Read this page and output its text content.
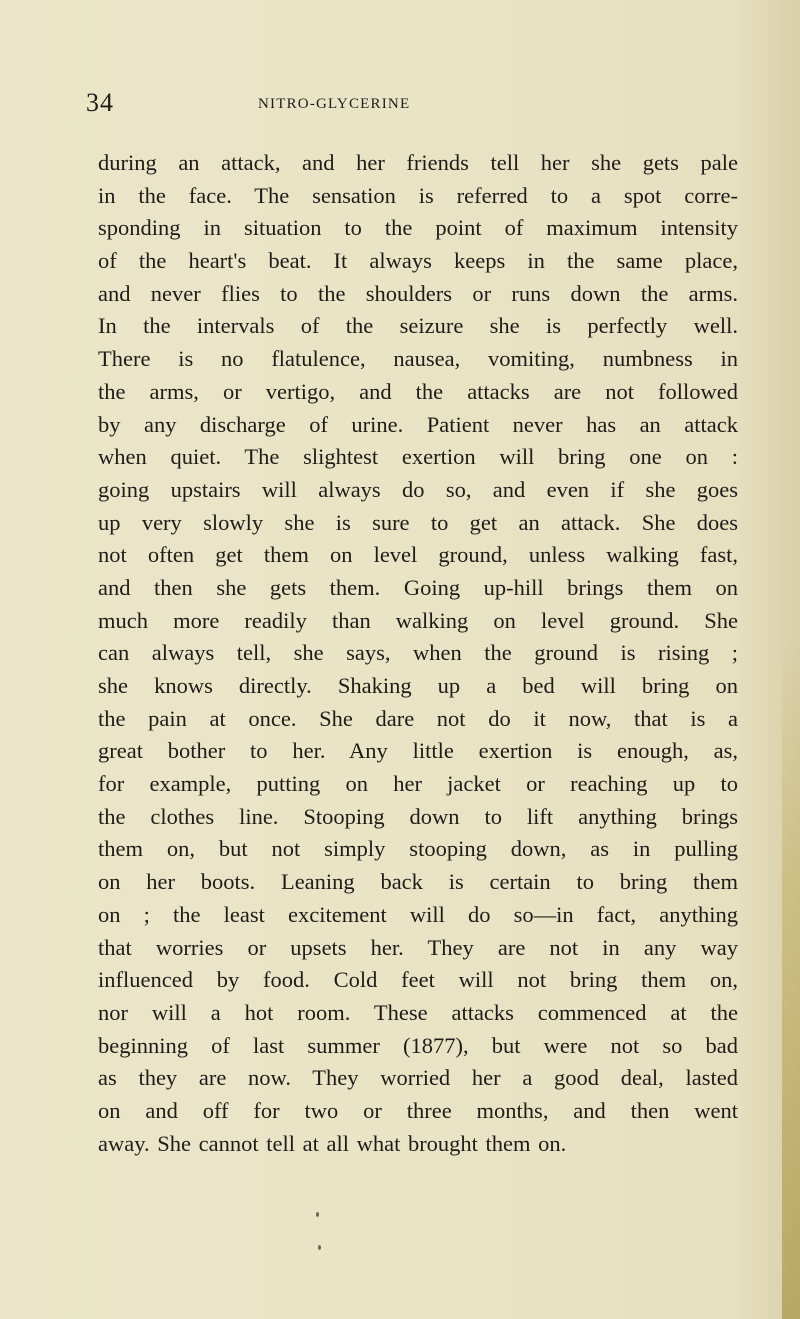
34	NITRO-GLYCERINE
during an attack, and her friends tell her she gets pale
in the face. The sensation is referred to a spot corre-
sponding in situation to the point of maximum intensity
of the heart's beat. It always keeps in the same place,
and never flies to the shoulders or runs down the arms.
In the intervals of the seizure she is perfectly well.
There is no flatulence, nausea, vomiting, numbness in
the arms, or vertigo, and the attacks are not followed
by any discharge of urine. Patient never has an attack
when quiet. The slightest exertion will bring one on :
going upstairs will always do so, and even if she goes
up very slowly she is sure to get an attack. She does
not often get them on level ground, unless walking fast,
and then she gets them. Going up-hill brings them on
much more readily than walking on level ground. She
can always tell, she says, when the ground is rising ;
she knows directly. Shaking up a bed will bring on
the pain at once. She dare not do it now, that is a
great bother to her. Any little exertion is enough, as,
for example, putting on her jacket or reaching up to
the clothes line. Stooping down to lift anything brings
them on, but not simply stooping down, as in pulling
on her boots. Leaning back is certain to bring them
on ; the least excitement will do so—in fact, anything
that worries or upsets her. They are not in any way
influenced by food. Cold feet will not bring them on,
nor will a hot room. These attacks commenced at the
beginning of last summer (1877), but were not so bad
as they are now. They worried her a good deal, lasted
on and off for two or three months, and then went
away. She cannot tell at all what brought them on.
